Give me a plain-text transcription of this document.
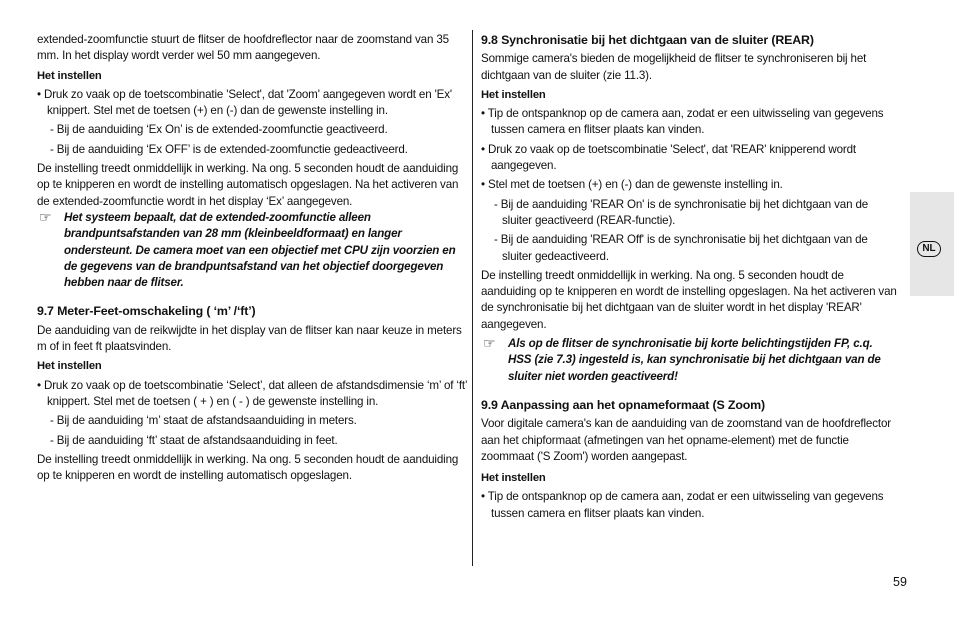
NL

extended-zoomfunctie stuurt de flitser de hoofdreflector naar de zoomstand van 35 mm. In het display wordt verder wel 50 mm aangegeven.

Het instellen

• Druk zo vaak op de toetscombinatie 'Select', dat 'Zoom' aangegeven wordt en 'Ex' knippert. Stel met de toetsen (+) en (-) dan de gewenste instelling in.

- Bij de aanduiding ‘Ex On’ is de extended-zoomfunctie geactiveerd.

- Bij de aanduiding ‘Ex OFF’ is de extended-zoomfunctie gedeactiveerd.

De instelling treedt onmiddellijk in werking. Na ong. 5 seconden houdt de aanduiding op te knipperen en wordt de instelling automatisch opgeslagen. Na het activeren van de extended-zoomfunctie wordt in het display ‘Ex’ aangegeven.

☞ Het systeem bepaalt, dat de extended-zoomfunctie alleen brandpuntsafstanden van 28 mm (kleinbeeldformaat) en langer ondersteunt. De camera moet van een objectief met CPU zijn voorzien en de gegevens van de brandpuntsafstand van het objectief doorgegeven hebben naar de flitser.

9.7 Meter-Feet-omschakeling ( ‘m’ /‘ft’)

De aanduiding van de reikwijdte in het display van de flitser kan naar keuze in meters m of in feet ft plaatsvinden.

Het instellen

• Druk zo vaak op de toetscombinatie ‘Select’, dat alleen de afstandsdimensie ‘m’ of ‘ft’ knippert. Stel met de toetsen ( + ) en ( - ) de gewenste instelling in.

- Bij de aanduiding ‘m’ staat de afstandsaanduiding in meters.

- Bij de aanduiding ‘ft’ staat de afstandsaanduiding in feet.

De instelling treedt onmiddellijk in werking. Na ong. 5 seconden houdt de aanduiding op te knipperen en wordt de instelling automatisch opgeslagen.

9.8 Synchronisatie bij het dichtgaan van de sluiter (REAR)

Sommige camera's bieden de mogelijkheid de flitser te synchroniseren bij het dichtgaan van de sluiter (zie 11.3).

Het instellen

• Tip de ontspanknop op de camera aan, zodat er een uitwisseling van gegevens tussen camera en flitser plaats kan vinden.

• Druk zo vaak op de toetscombinatie 'Select', dat 'REAR' knipperend wordt aangegeven.

• Stel met de toetsen (+) en (-) dan de gewenste instelling in.

- Bij de aanduiding 'REAR On' is de synchronisatie bij het dichtgaan van de sluiter geactiveerd (REAR-functie).

- Bij de aanduiding 'REAR Off' is de synchronisatie bij het dichtgaan van de sluiter gedeactiveerd.

De instelling treedt onmiddellijk in werking. Na ong. 5 seconden houdt de aanduiding op te knipperen en wordt de instelling opgeslagen. Na het activeren van de synchronisatie bij het dichtgaan van de sluiter wordt in het display 'REAR' aangegeven.

☞ Als op de flitser de synchronisatie bij korte belichtingstijden FP, c.q. HSS (zie 7.3) ingesteld is, kan synchronisatie bij het dichtgaan van de sluiter niet worden geactiveerd!

9.9 Aanpassing aan het opnameformaat (S Zoom)

Voor digitale camera's kan de aanduiding van de zoomstand van de hoofdreflector aan het chipformaat (afmetingen van het opname-element) met de functie zoommaat ('S Zoom') worden aangepast.

Het instellen

• Tip de ontspanknop op de camera aan, zodat er een uitwisseling van gegevens tussen camera en flitser plaats kan vinden.

59
